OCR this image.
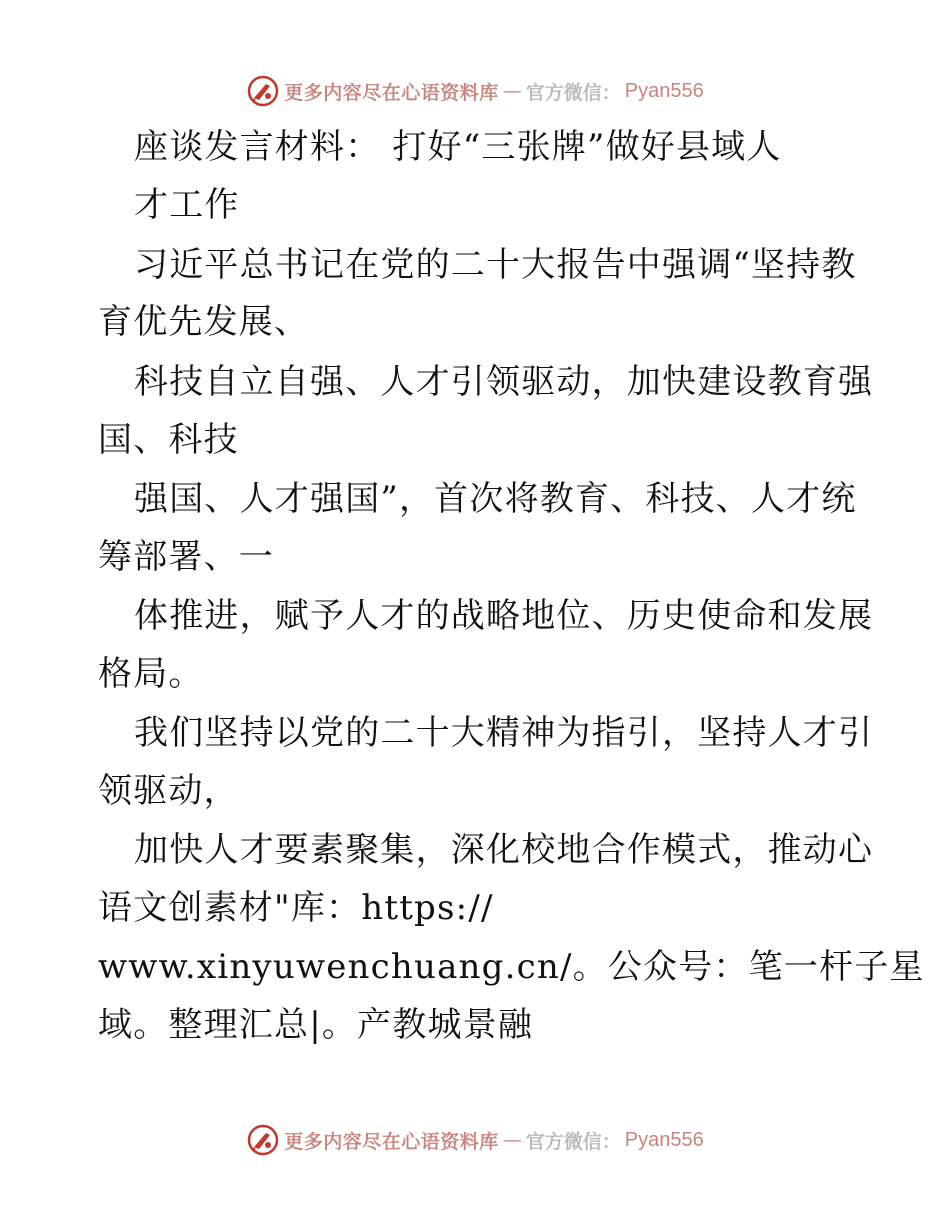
更多内容尽在心语资料库 — 官方微信： Pyan556
座谈发言材料： 打好“三张牌”做好县域人
才工作
习近平总书记在党的二十大报告中强调“坚持教
育优先发展、
科技自立自强、人才引领驱动，加快建设教育强
国、科技
强国、人才强国”，首次将教育、科技、人才统
筹部署、一
体推进，赋予人才的战略地位、历史使命和发展
格局。
我们坚持以党的二十大精神为指引，坚持人才引
领驱动，
加快人才要素聚集，深化校地合作模式，推动心
语文创素材"库：https://
www.xinyuwenchuang.cn/。公众号：笔一杆子星
域。整理汇总|。产教城景融
更多内容尽在心语资料库 — 官方微信： Pyan556
